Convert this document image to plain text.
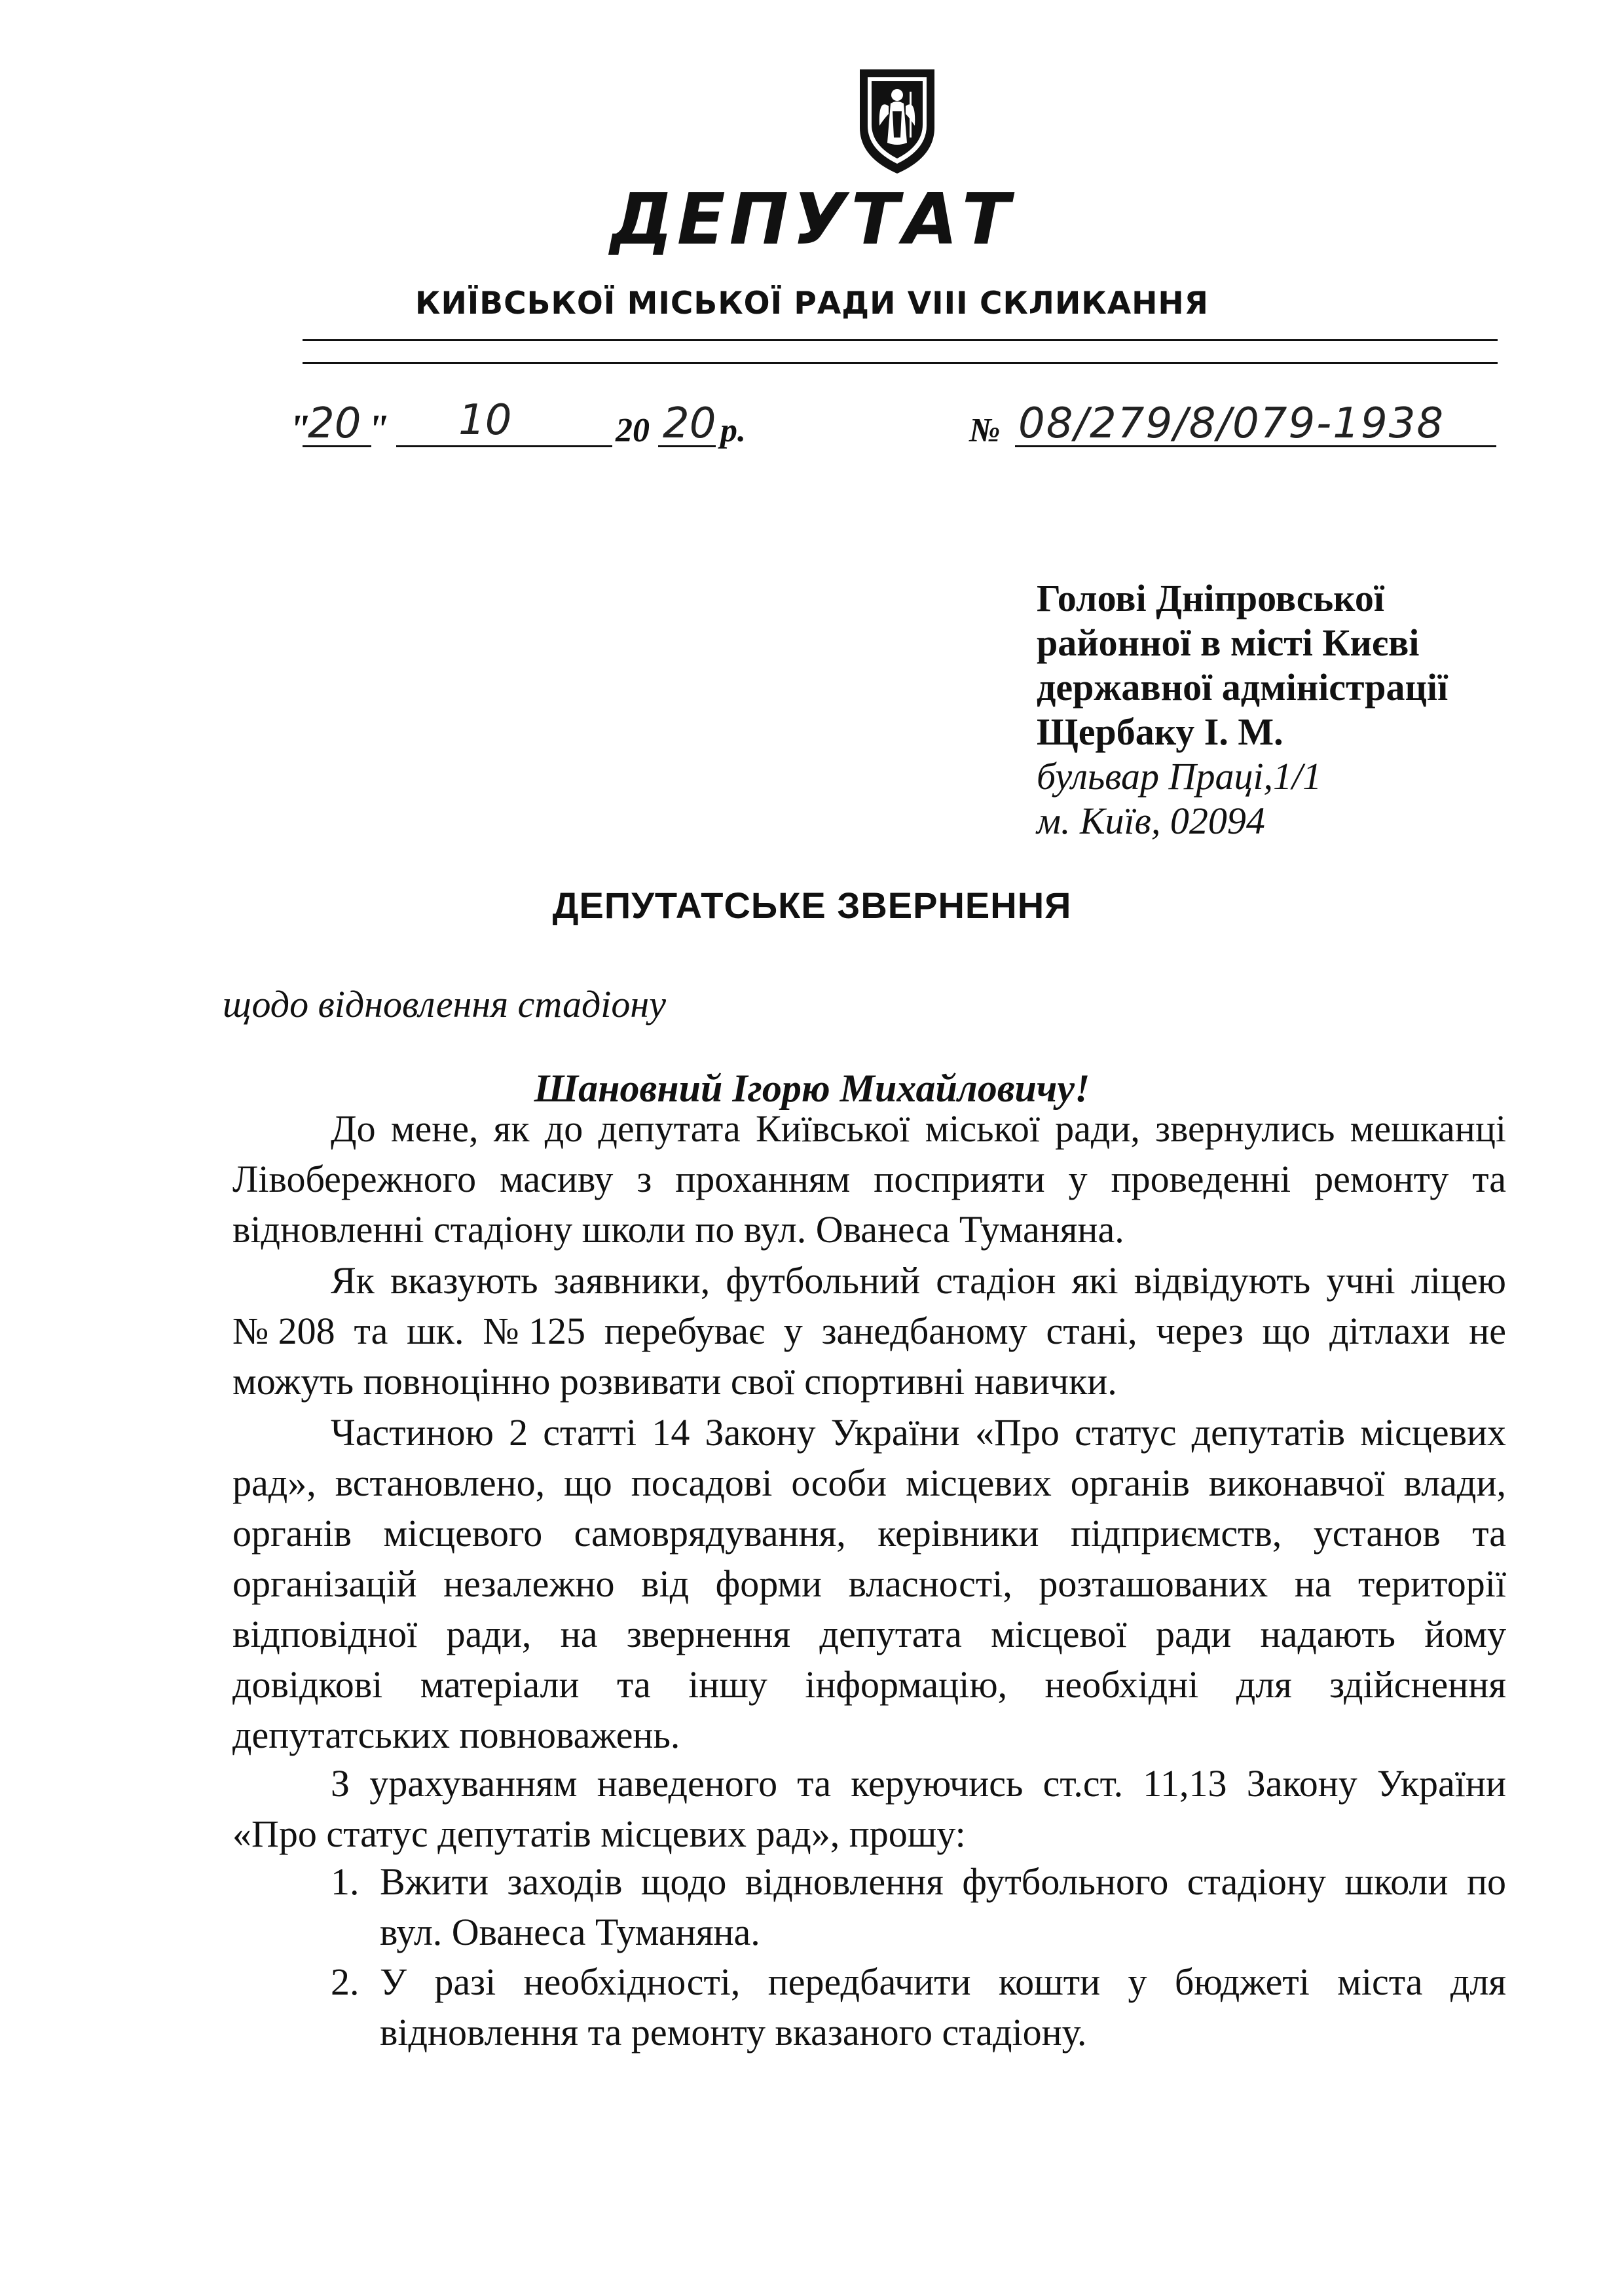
ДЕПУТАТ
КИЇВСЬКОЇ МІСЬКОЇ РАДИ VIII СКЛИКАННЯ
"
20 " 10	20 20 р.	№ 08/279/8/079-1938
Голові Дніпровської
районної в місті Києві
державної адміністрації
Щербаку І. М.
бульвар Праці,1/1
м. Київ, 02094
ДЕПУТАТСЬКЕ ЗВЕРНЕННЯ
щодо відновлення стадіону
Шановний Ігорю Михайловичу!
До мене, як до депутата Київської міської ради, звернулись мешканці Лівобережного масиву з проханням посприяти у проведенні ремонту та відновленні стадіону школи по вул. Ованеса Туманяна.
Як вказують заявники, футбольний стадіон які відвідують учні ліцею №208 та шк. №125 перебуває у занедбаному стані, через що дітлахи не можуть повноцінно розвивати свої спортивні навички.
Частиною 2 статті 14 Закону України «Про статус депутатів місцевих рад», встановлено, що посадові особи місцевих органів виконавчої влади, органів місцевого самоврядування, керівники підприємств, установ та організацій незалежно від форми власності, розташованих на території відповідної ради, на звернення депутата місцевої ради надають йому довідкові матеріали та іншу інформацію, необхідні для здійснення депутатських повноважень.
З урахуванням наведеного та керуючись ст.ст. 11,13 Закону України «Про статус депутатів місцевих рад», прошу:
1. Вжити заходів щодо відновлення футбольного стадіону школи по вул. Ованеса Туманяна.
2. У разі необхідності, передбачити кошти у бюджеті міста для відновлення та ремонту вказаного стадіону.
